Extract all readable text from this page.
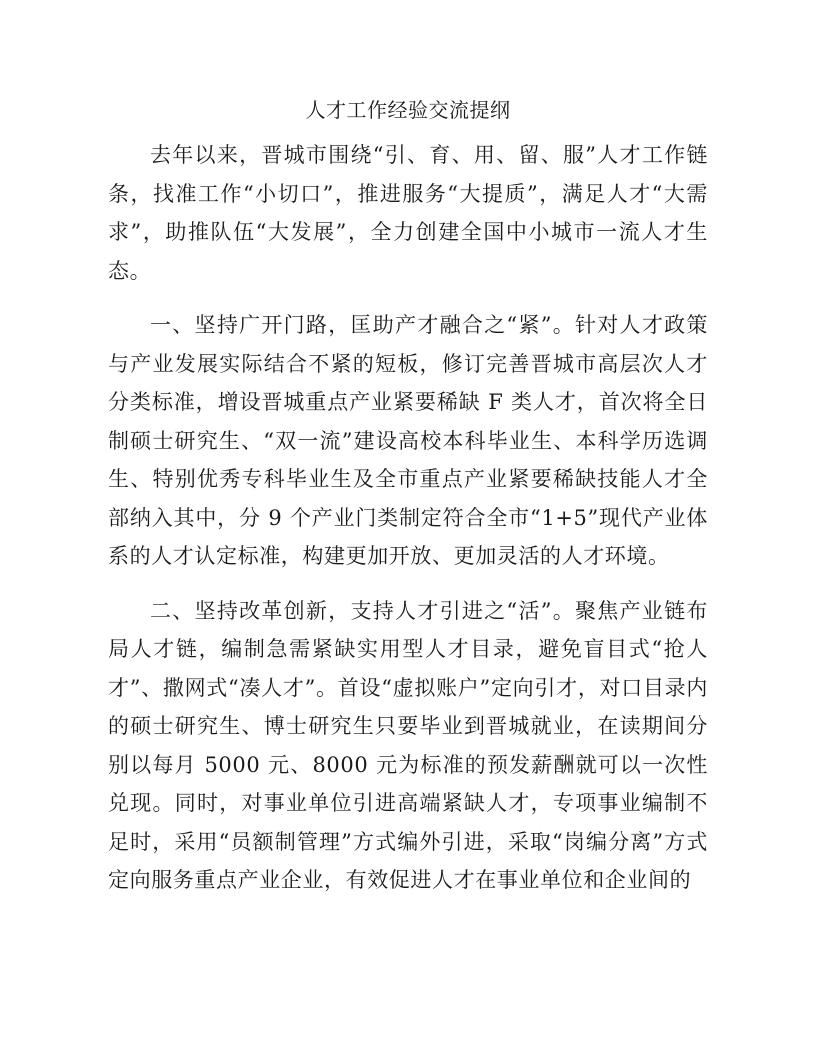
人才工作经验交流提纲

去年以来，晋城市围绕“引、育、用、留、服”人才工作链条，找准工作“小切口”，推进服务“大提质”，满足人才“大需求”，助推队伍“大发展”，全力创建全国中小城市一流人才生态。

一、坚持广开门路，匡助产才融合之“紧”。针对人才政策与产业发展实际结合不紧的短板，修订完善晋城市高层次人才分类标准，增设晋城重点产业紧要稀缺 F 类人才，首次将全日制硕士研究生、“双一流”建设高校本科毕业生、本科学历选调生、特别优秀专科毕业生及全市重点产业紧要稀缺技能人才全部纳入其中，分 9 个产业门类制定符合全市“1+5”现代产业体系的人才认定标准，构建更加开放、更加灵活的人才环境。

二、坚持改革创新，支持人才引进之“活”。聚焦产业链布局人才链，编制急需紧缺实用型人才目录，避免盲目式“抢人才”、撒网式“凑人才”。首设“虚拟账户”定向引才，对口目录内的硕士研究生、博士研究生只要毕业到晋城就业，在读期间分别以每月 5000 元、8000 元为标准的预发薪酬就可以一次性兑现。同时，对事业单位引进高端紧缺人才，专项事业编制不足时，采用“员额制管理”方式编外引进，采取“岗编分离”方式定向服务重点产业企业，有效促进人才在事业单位和企业间的
